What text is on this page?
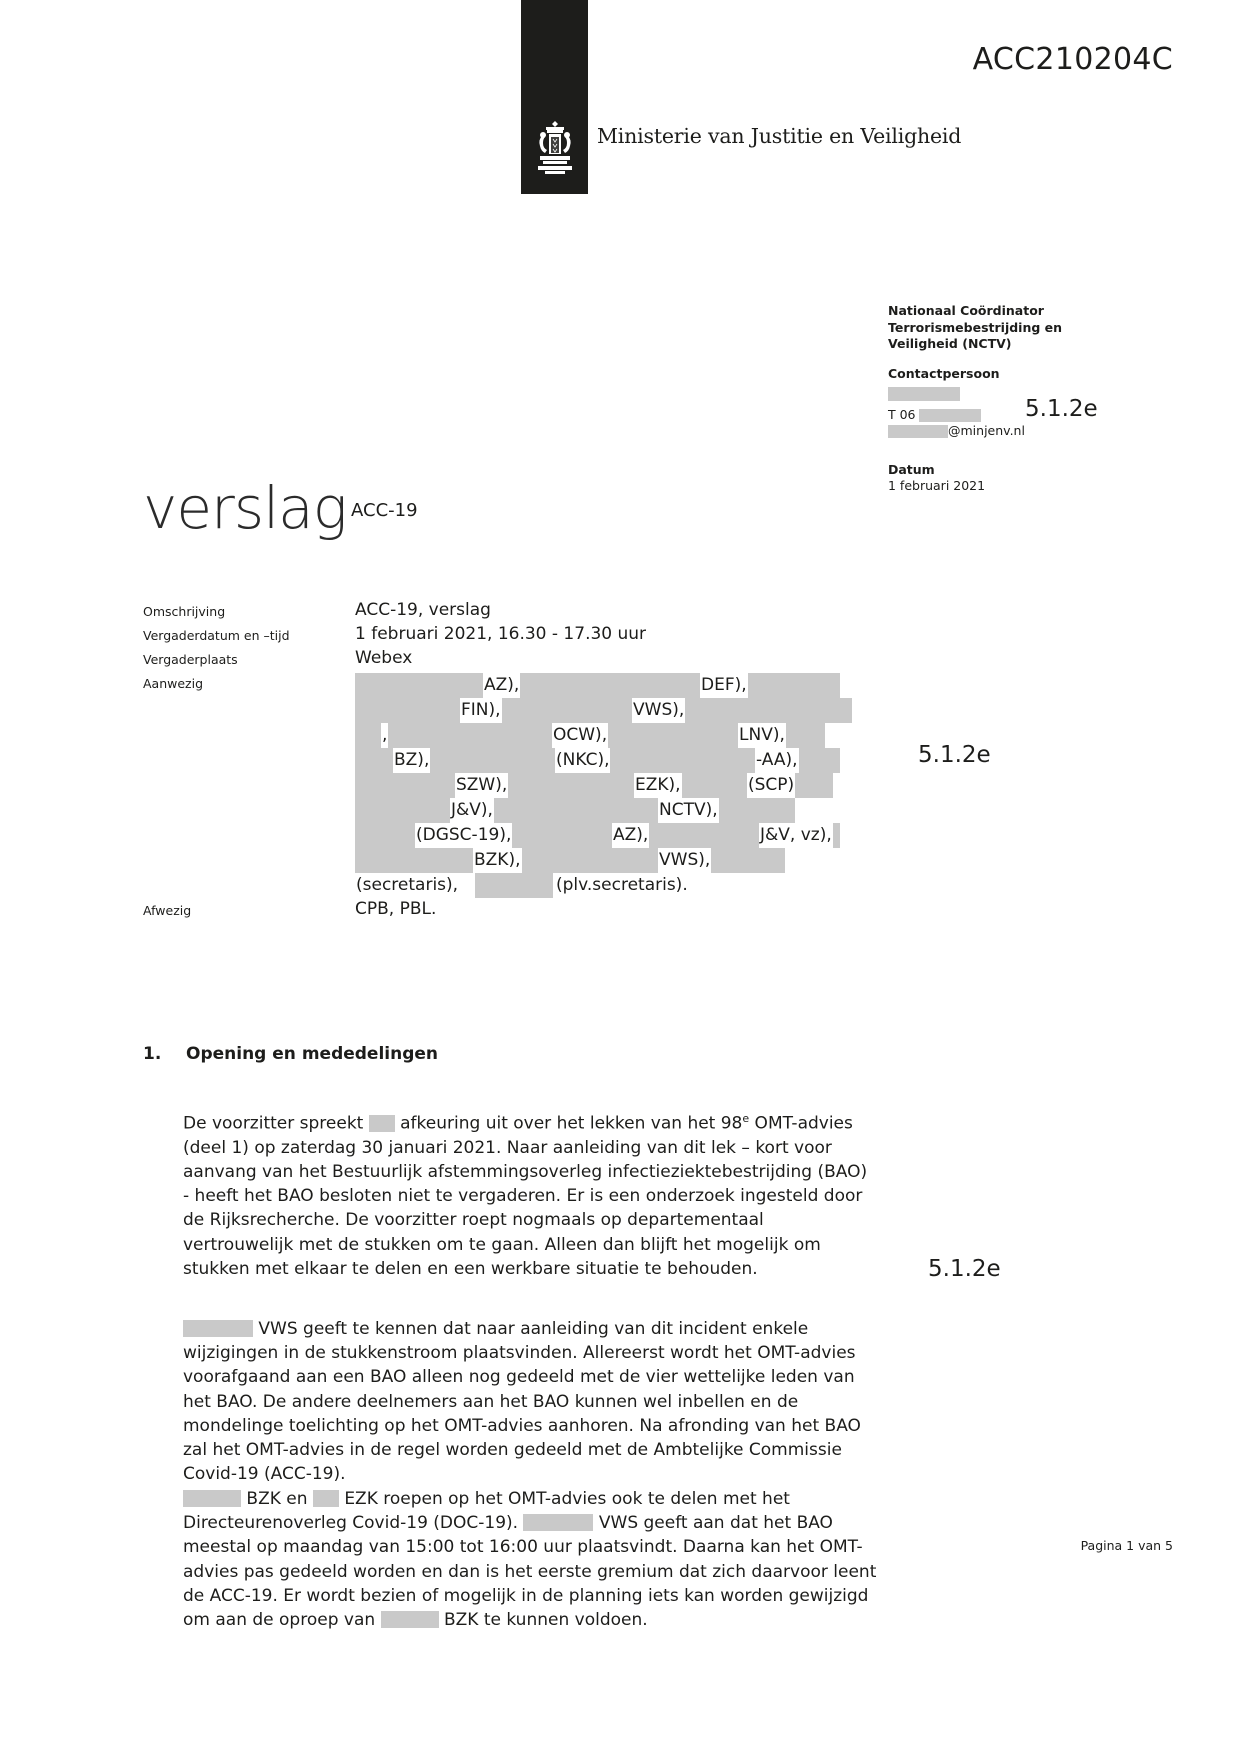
Ministerie van Justitie en Veiligheid
ACC210204C
Nationaal Coördinator
Terrorismebestrijding en
Veiligheid (NCTV)
Contactpersoon
T 06
@minjenv.nl
Datum
1 februari 2021
5.1.2e
5.1.2e
5.1.2e
verslag ACC-19
Omschrijving	ACC-19, verslag
Vergaderdatum en –tijd	1 februari 2021, 16.30 - 17.30 uur
Vergaderplaats	Webex
Aanwezig	AZ),	DEF),
FIN),	VWS),
,	OCW),	LNV),
BZ),	(NKC),	-AA),
SZW),	EZK),	(SCP)
J&V),	NCTV),
(DGSC-19),	AZ),	J&V, vz),
BZK),	VWS),
(secretaris),	(plv.secretaris).
Afwezig	CPB, PBL.
1. Opening en mededelingen

De voorzitter spreekt afkeuring uit over het lekken van het 98e OMT-advies (deel 1) op zaterdag 30 januari 2021. Naar aanleiding van dit lek – kort voor aanvang van het Bestuurlijk afstemmingsoverleg infectieziektebestrijding (BAO) - heeft het BAO besloten niet te vergaderen. Er is een onderzoek ingesteld door de Rijksrecherche. De voorzitter roept nogmaals op departementaal vertrouwelijk met de stukken om te gaan. Alleen dan blijft het mogelijk om stukken met elkaar te delen en een werkbare situatie te behouden.

VWS geeft te kennen dat naar aanleiding van dit incident enkele wijzigingen in de stukkenstroom plaatsvinden. Allereerst wordt het OMT-advies voorafgaand aan een BAO alleen nog gedeeld met de vier wettelijke leden van het BAO. De andere deelnemers aan het BAO kunnen wel inbellen en de mondelinge toelichting op het OMT-advies aanhoren. Na afronding van het BAO zal het OMT-advies in de regel worden gedeeld met de Ambtelijke Commissie Covid-19 (ACC-19).

BZK en EZK roepen op het OMT-advies ook te delen met het Directeurenoverleg Covid-19 (DOC-19).	VWS geeft aan dat het BAO meestal op maandag van 15:00 tot 16:00 uur plaatsvindt. Daarna kan het OMT-advies pas gedeeld worden en dan is het eerste gremium dat zich daarvoor leent de ACC-19. Er wordt bezien of mogelijk in de planning iets kan worden gewijzigd om aan de oproep van	BZK te kunnen voldoen.

Pagina 1 van 5
